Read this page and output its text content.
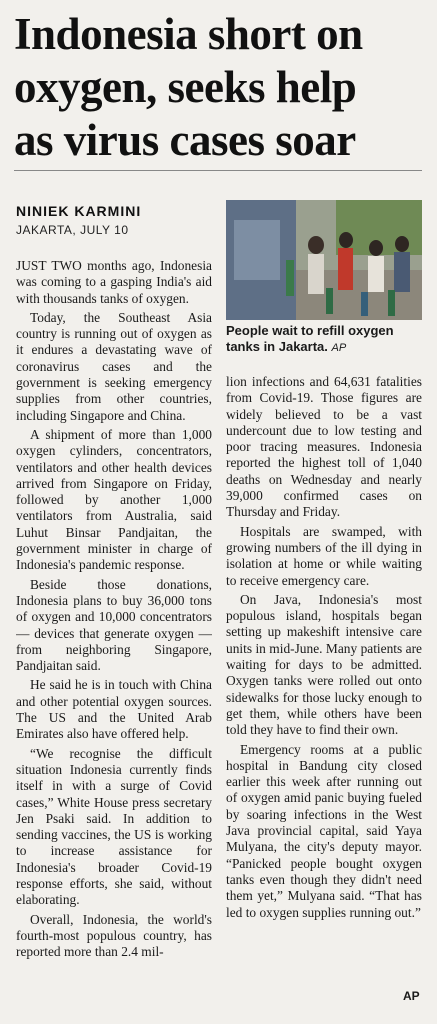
Indonesia short on
oxygen, seeks help
as virus cases soar
NINIEK KARMINI
JAKARTA, JULY 10

JUST TWO months ago, Indonesia was coming to a gasping India's aid with thousands tanks of oxygen.

Today, the Southeast Asia country is running out of oxygen as it endures a devastating wave of coronavirus cases and the government is seeking emergency supplies from other countries, including Singapore and China.

A shipment of more than 1,000 oxygen cylinders, concentrators, ventilators and other health devices arrived from Singapore on Friday, followed by another 1,000 ventilators from Australia, said Luhut Binsar Pandjaitan, the government minister in charge of Indonesia's pandemic response.

Beside those donations, Indonesia plans to buy 36,000 tons of oxygen and 10,000 concentrators — devices that generate oxygen — from neighboring Singapore, Pandjaitan said.

He said he is in touch with China and other potential oxygen sources. The US and the United Arab Emirates also have offered help.

“We recognise the difficult situation Indonesia currently finds itself in with a surge of Covid cases,” White House press secretary Jen Psaki said. In addition to sending vaccines, the US is working to increase assistance for Indonesia's broader Covid-19 response efforts, she said, without elaborating.

Overall, Indonesia, the world's fourth-most populous country, has reported more than 2.4 mil-

People wait to refill oxygen tanks in Jakarta. AP

lion infections and 64,631 fatalities from Covid-19. Those figures are widely believed to be a vast undercount due to low testing and poor tracing measures. Indonesia reported the highest toll of 1,040 deaths on Wednesday and nearly 39,000 confirmed cases on Thursday and Friday.

Hospitals are swamped, with growing numbers of the ill dying in isolation at home or while waiting to receive emergency care.

On Java, Indonesia's most populous island, hospitals began setting up makeshift intensive care units in mid-June. Many patients are waiting for days to be admitted. Oxygen tanks were rolled out onto sidewalks for those lucky enough to get them, while others have been told they have to find their own.

Emergency rooms at a public hospital in Bandung city closed earlier this week after running out of oxygen amid panic buying fueled by soaring infections in the West Java provincial capital, said Yaya Mulyana, the city's deputy mayor. “Panicked people bought oxygen tanks even though they didn't need them yet,” Mulyana said. “That has led to oxygen supplies running out.”

AP
